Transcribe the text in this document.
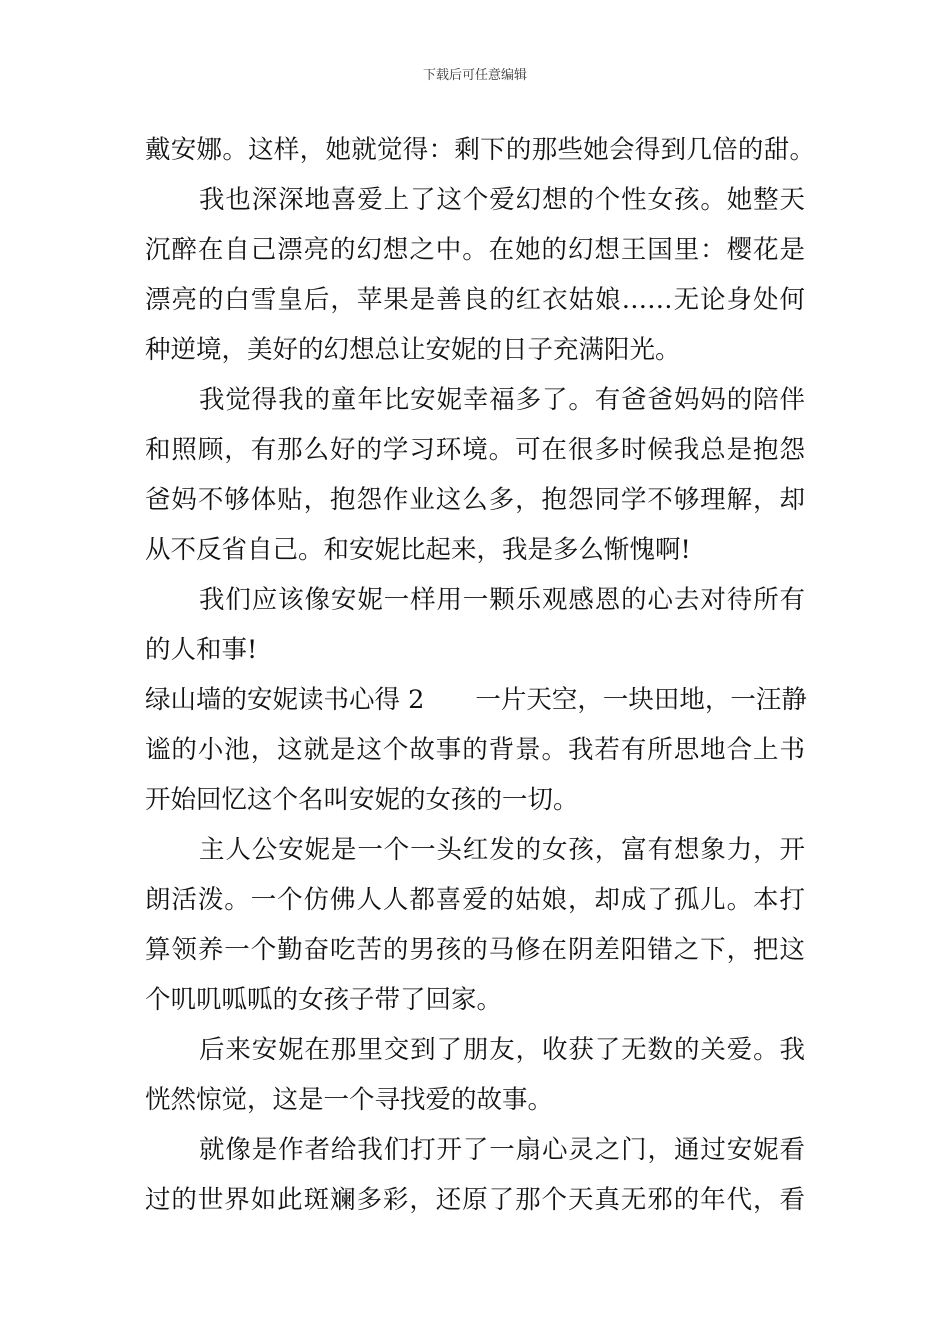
下载后可任意编辑
戴安娜。这样，她就觉得：剩下的那些她会得到几倍的甜。
我也深深地喜爱上了这个爱幻想的个性女孩。她整天
沉醉在自己漂亮的幻想之中。在她的幻想王国里：樱花是
漂亮的白雪皇后，苹果是善良的红衣姑娘……无论身处何
种逆境，美好的幻想总让安妮的日子充满阳光。
我觉得我的童年比安妮幸福多了。有爸爸妈妈的陪伴
和照顾，有那么好的学习环境。可在很多时候我总是抱怨
爸妈不够体贴，抱怨作业这么多，抱怨同学不够理解，却
从不反省自己。和安妮比起来，我是多么惭愧啊!
我们应该像安妮一样用一颗乐观感恩的心去对待所有
的人和事!
绿山墙的安妮读书心得 2　　一片天空，一块田地，一汪静
谧的小池，这就是这个故事的背景。我若有所思地合上书
开始回忆这个名叫安妮的女孩的一切。
主人公安妮是一个一头红发的女孩，富有想象力，开
朗活泼。一个仿佛人人都喜爱的姑娘，却成了孤儿。本打
算领养一个勤奋吃苦的男孩的马修在阴差阳错之下，把这
个叽叽呱呱的女孩子带了回家。
后来安妮在那里交到了朋友，收获了无数的关爱。我
恍然惊觉，这是一个寻找爱的故事。
就像是作者给我们打开了一扇心灵之门，通过安妮看
过的世界如此斑斓多彩，还原了那个天真无邪的年代，看
